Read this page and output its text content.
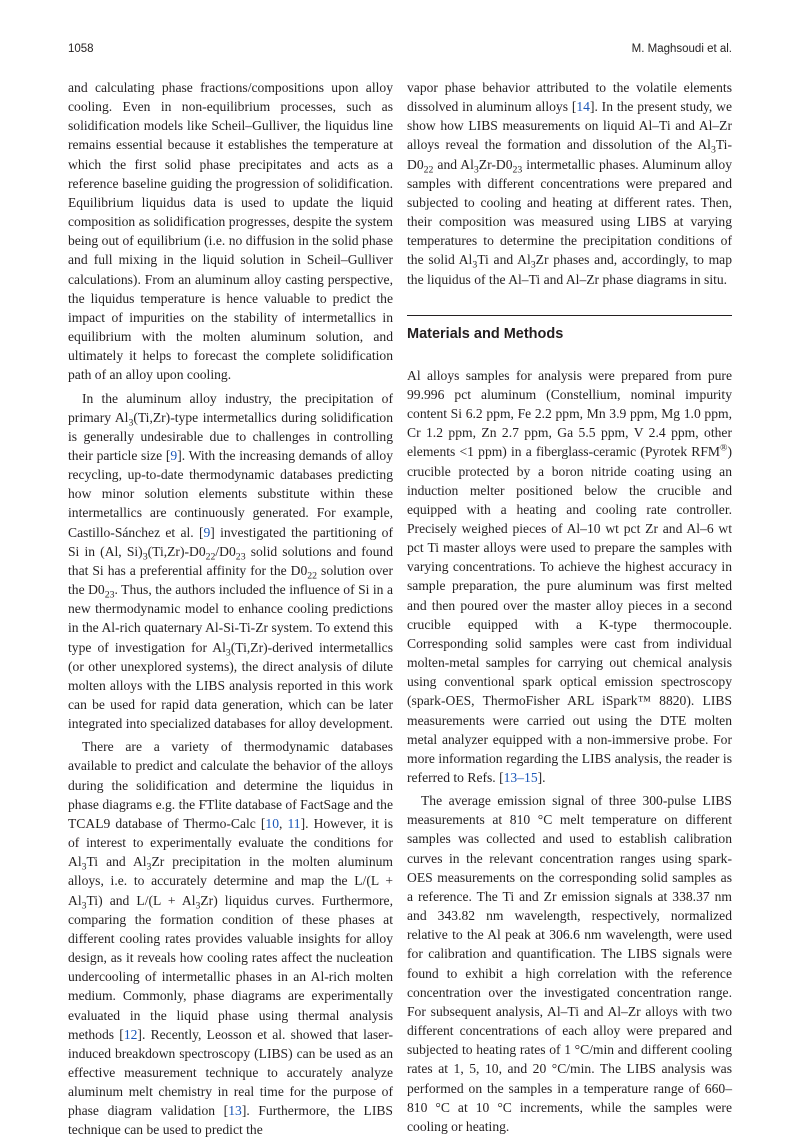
1058	M. Maghsoudi et al.

and calculating phase fractions/compositions upon alloy cooling. Even in non-equilibrium processes, such as solidification models like Scheil–Gulliver, the liquidus line remains essential because it establishes the temperature at which the first solid phase precipitates and acts as a reference baseline guiding the progression of solidification. Equilibrium liquidus data is used to update the liquid composition as solidification progresses, despite the system being out of equilibrium (i.e. no diffusion in the solid phase and full mixing in the liquid solution in Scheil–Gulliver calculations). From an aluminum alloy casting perspective, the liquidus temperature is hence valuable to predict the impact of impurities on the stability of intermetallics in equilibrium with the molten aluminum solution, and ultimately it helps to forecast the complete solidification path of an alloy upon cooling.

In the aluminum alloy industry, the precipitation of primary $Al_3(Ti,Zr)$-type intermetallics during solidification is generally undesirable due to challenges in controlling their particle size [9]. With the increasing demands of alloy recycling, up-to-date thermodynamic databases predicting how minor solution elements substitute within these intermetallics are continuously generated. For example, Castillo-Sánchez et al. [9] investigated the partitioning of Si in (Al, $Si)_3(Ti,Zr)-D0_{22}/D0_{23}$ solid solutions and found that Si has a preferential affinity for the $D0_{22}$ solution over the $D0_{23}$. Thus, the authors included the influence of Si in a new thermodynamic model to enhance cooling predictions in the Al-rich quaternary Al-Si-Ti-Zr system. To extend this type of investigation for $Al_3(Ti,Zr)$-derived intermetallics (or other unexplored systems), the direct analysis of dilute molten alloys with the LIBS analysis reported in this work can be used for rapid data generation, which can be later integrated into specialized databases for alloy development.

There are a variety of thermodynamic databases available to predict and calculate the behavior of the alloys during the solidification and determine the liquidus in phase diagrams e.g. the FTlite database of FactSage and the TCAL9 database of Thermo-Calc [10, 11]. However, it is of interest to experimentally evaluate the conditions for $Al_3Ti$ and $Al_3Zr$ precipitation in the molten aluminum alloys, i.e. to accurately determine and map the $L/(L + Al_3Ti)$ and $L/(L + Al_3Zr)$ liquidus curves. Furthermore, comparing the formation condition of these phases at different cooling rates provides valuable insights for alloy design, as it reveals how cooling rates affect the nucleation undercooling of intermetallic phases in an Al-rich molten medium. Commonly, phase diagrams are experimentally evaluated in the liquid phase using thermal analysis methods [12]. Recently, Leosson et al. showed that laser-induced breakdown spectroscopy (LIBS) can be used as an effective measurement technique to accurately analyze aluminum melt chemistry in real time for the purpose of phase diagram validation [13]. Furthermore, the LIBS technique can be used to predict the

vapor phase behavior attributed to the volatile elements dissolved in aluminum alloys [14]. In the present study, we show how LIBS measurements on liquid Al–Ti and Al–Zr alloys reveal the formation and dissolution of the $Al_3Ti-D0_{22}$ and $Al_3Zr-D0_{23}$ intermetallic phases. Aluminum alloy samples with different concentrations were prepared and subjected to cooling and heating at different rates. Then, their composition was measured using LIBS at varying temperatures to determine the precipitation conditions of the solid $Al_3Ti$ and $Al_3Zr$ phases and, accordingly, to map the liquidus of the Al–Ti and Al–Zr phase diagrams in situ.

Materials and Methods

Al alloys samples for analysis were prepared from pure 99.996 pct aluminum (Constellium, nominal impurity content Si 6.2 ppm, Fe 2.2 ppm, Mn 3.9 ppm, Mg 1.0 ppm, Cr 1.2 ppm, Zn 2.7 ppm, Ga 5.5 ppm, V 2.4 ppm, other elements <1 ppm) in a fiberglass-ceramic (Pyrotek RFM®) crucible protected by a boron nitride coating using an induction melter positioned below the crucible and equipped with a heating and cooling rate controller. Precisely weighed pieces of Al–10 wt pct Zr and Al–6 wt pct Ti master alloys were used to prepare the samples with varying concentrations. To achieve the highest accuracy in sample preparation, the pure aluminum was first melted and then poured over the master alloy pieces in a second crucible equipped with a K-type thermocouple. Corresponding solid samples were cast from individual molten-metal samples for carrying out chemical analysis using conventional spark optical emission spectroscopy (spark-OES, ThermoFisher ARL iSpark™ 8820). LIBS measurements were carried out using the DTE molten metal analyzer equipped with a non-immersive probe. For more information regarding the LIBS analysis, the reader is referred to Refs. [13–15].

The average emission signal of three 300-pulse LIBS measurements at 810 °C melt temperature on different samples was collected and used to establish calibration curves in the relevant concentration ranges using spark-OES measurements on the corresponding solid samples as a reference. The Ti and Zr emission signals at 338.37 nm and 343.82 nm wavelength, respectively, normalized relative to the Al peak at 306.6 nm wavelength, were used for calibration and quantification. The LIBS signals were found to exhibit a high correlation with the reference concentration over the investigated concentration range. For subsequent analysis, Al–Ti and Al–Zr alloys with two different concentrations of each alloy were prepared and subjected to heating rates of 1 °C/min and different cooling rates at 1, 5, 10, and 20 °C/min. The LIBS analysis was performed on the samples in a temperature range of 660–810 °C at 10 °C increments, while the samples were cooling or heating.
